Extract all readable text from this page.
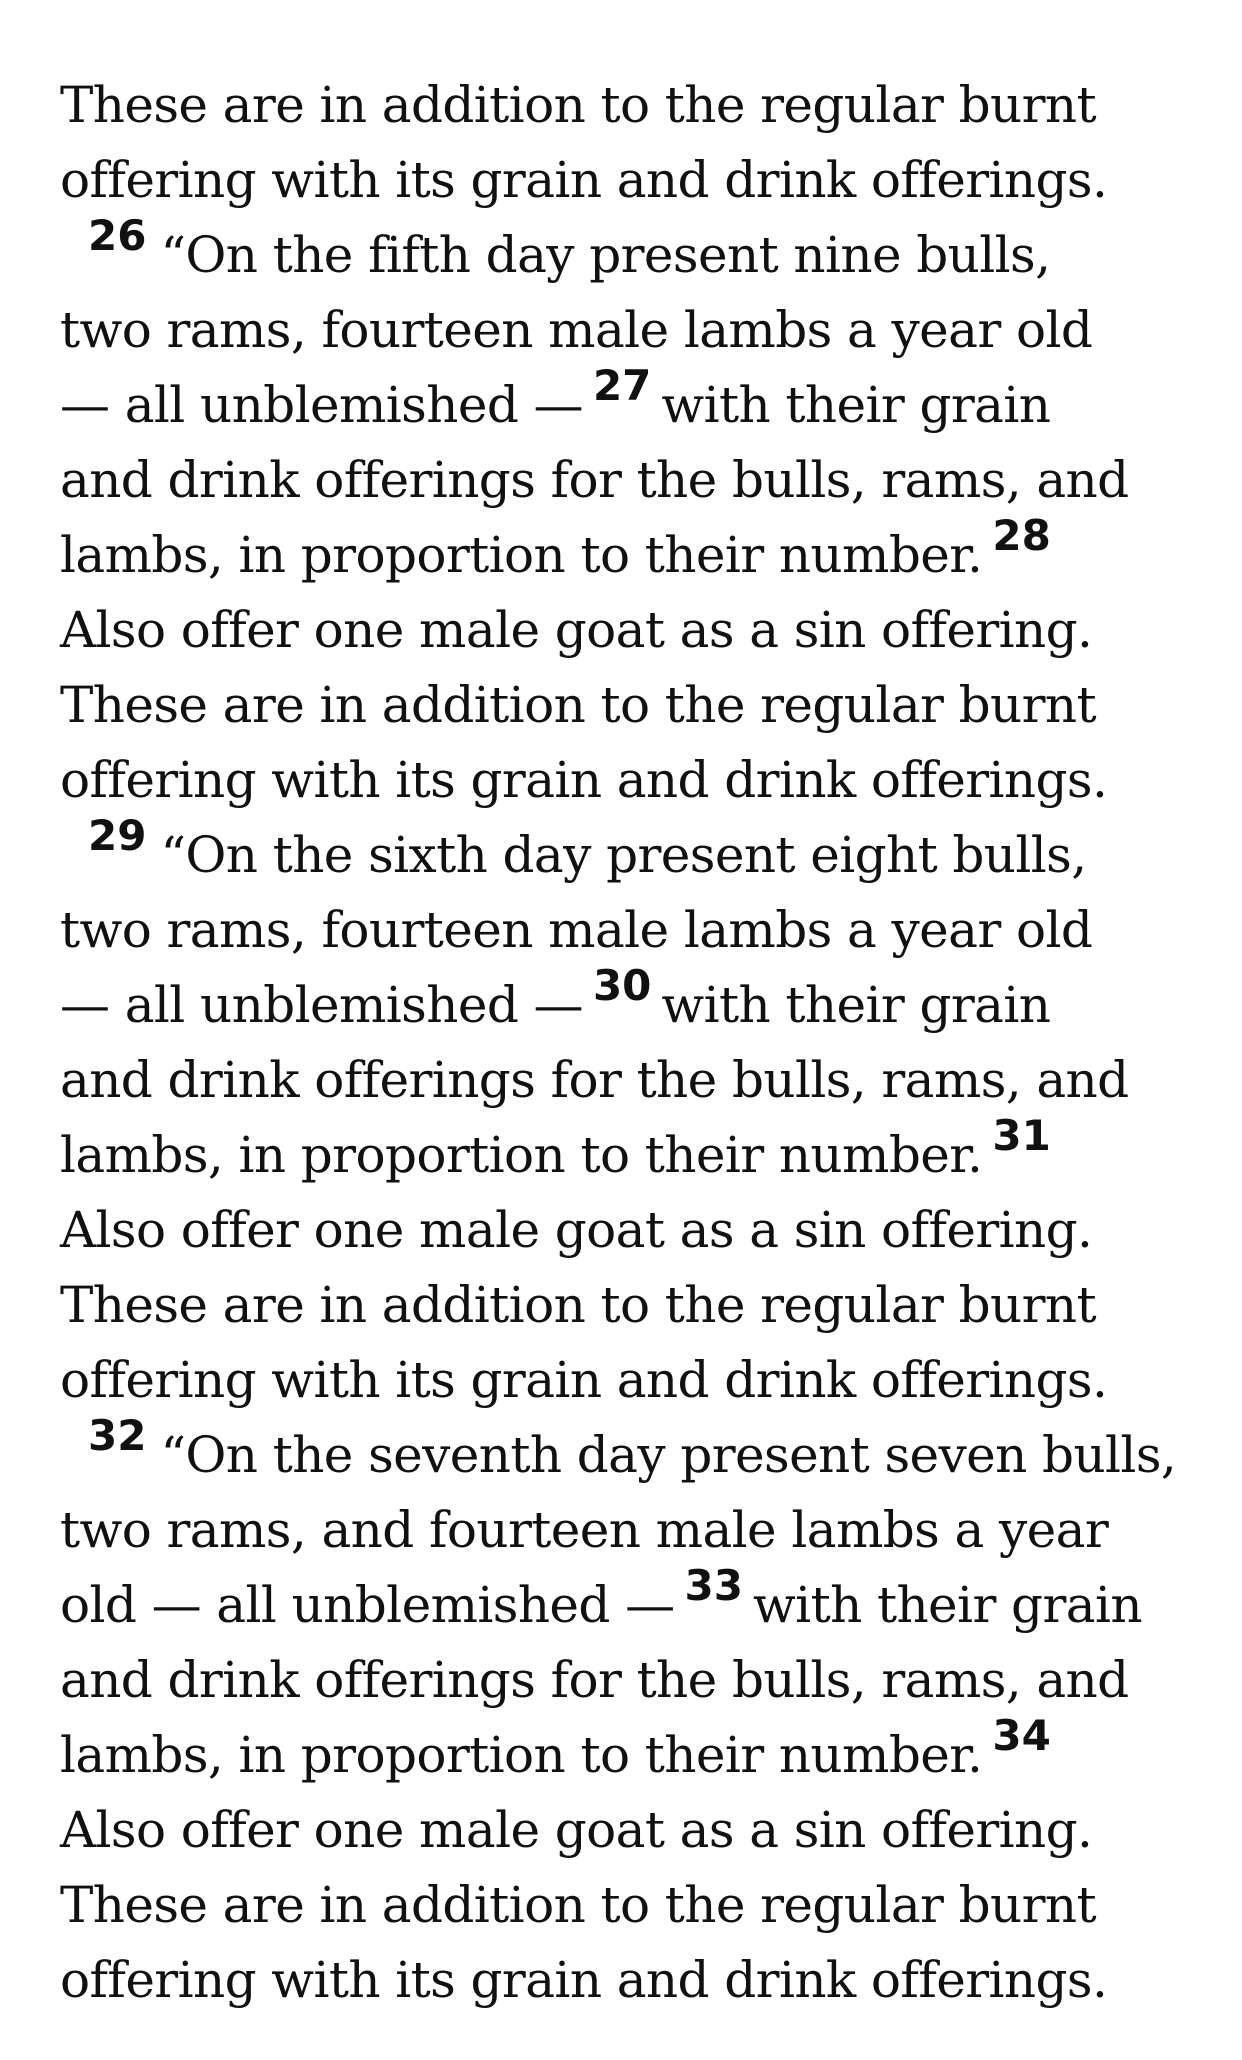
These are in addition to the regular burnt
offering with its grain and drink offerings.
$^{26}$ “On the fifth day present nine bulls,
two rams, fourteen male lambs a year old
— all unblemished — $^{27}$ with their grain
and drink offerings for the bulls, rams, and
lambs, in proportion to their number. $^{28}$
Also offer one male goat as a sin offering.
These are in addition to the regular burnt
offering with its grain and drink offerings.
$^{29}$ “On the sixth day present eight bulls,
two rams, fourteen male lambs a year old
— all unblemished — $^{30}$ with their grain
and drink offerings for the bulls, rams, and
lambs, in proportion to their number. $^{31}$
Also offer one male goat as a sin offering.
These are in addition to the regular burnt
offering with its grain and drink offerings.
$^{32}$ “On the seventh day present seven bulls,
two rams, and fourteen male lambs a year
old — all unblemished — $^{33}$ with their grain
and drink offerings for the bulls, rams, and
lambs, in proportion to their number. $^{34}$
Also offer one male goat as a sin offering.
These are in addition to the regular burnt
offering with its grain and drink offerings.
